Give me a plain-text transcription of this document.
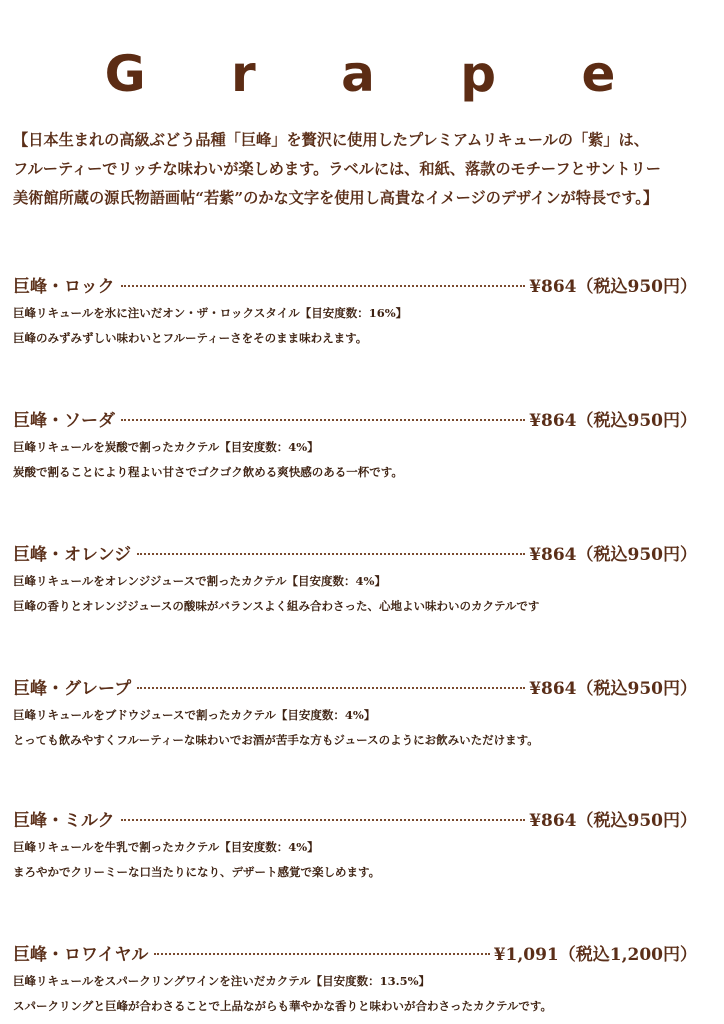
G r a p e

【日本生まれの高級ぶどう品種「巨峰」を贅沢に使用したプレミアムリキュールの「紫」は、

フルーティーでリッチな味わいが楽しめます。ラベルには、和紙、落款のモチーフとサントリー

美術館所蔵の源氏物語画帖“若紫”のかな文字を使用し高貴なイメージのデザインが特長です。】

巨峰・ロック	¥864（税込950円）

巨峰リキュールを氷に注いだオン・ザ・ロックスタイル【目安度数：16%】

巨峰のみずみずしい味わいとフルーティーさをそのまま味わえます。

巨峰・ソーダ	¥864（税込950円）

巨峰リキュールを炭酸で割ったカクテル【目安度数：4%】

炭酸で割ることにより程よい甘さでゴクゴク飲める爽快感のある一杯です。

巨峰・オレンジ	¥864（税込950円）

巨峰リキュールをオレンジジュースで割ったカクテル【目安度数：4%】

巨峰の香りとオレンジジュースの酸味がバランスよく組み合わさった、心地よい味わいのカクテルです

巨峰・グレープ	¥864（税込950円）

巨峰リキュールをブドウジュースで割ったカクテル【目安度数：4%】

とっても飲みやすくフルーティーな味わいでお酒が苦手な方もジュースのようにお飲みいただけます。

巨峰・ミルク	¥864（税込950円）

巨峰リキュールを牛乳で割ったカクテル【目安度数：4%】

まろやかでクリーミーな口当たりになり、デザート感覚で楽しめます。

巨峰・ロワイヤル	¥1,091（税込1,200円）

巨峰リキュールをスパークリングワインを注いだカクテル【目安度数：13.5%】

スパークリングと巨峰が合わさることで上品ながらも華やかな香りと味わいが合わさったカクテルです。
